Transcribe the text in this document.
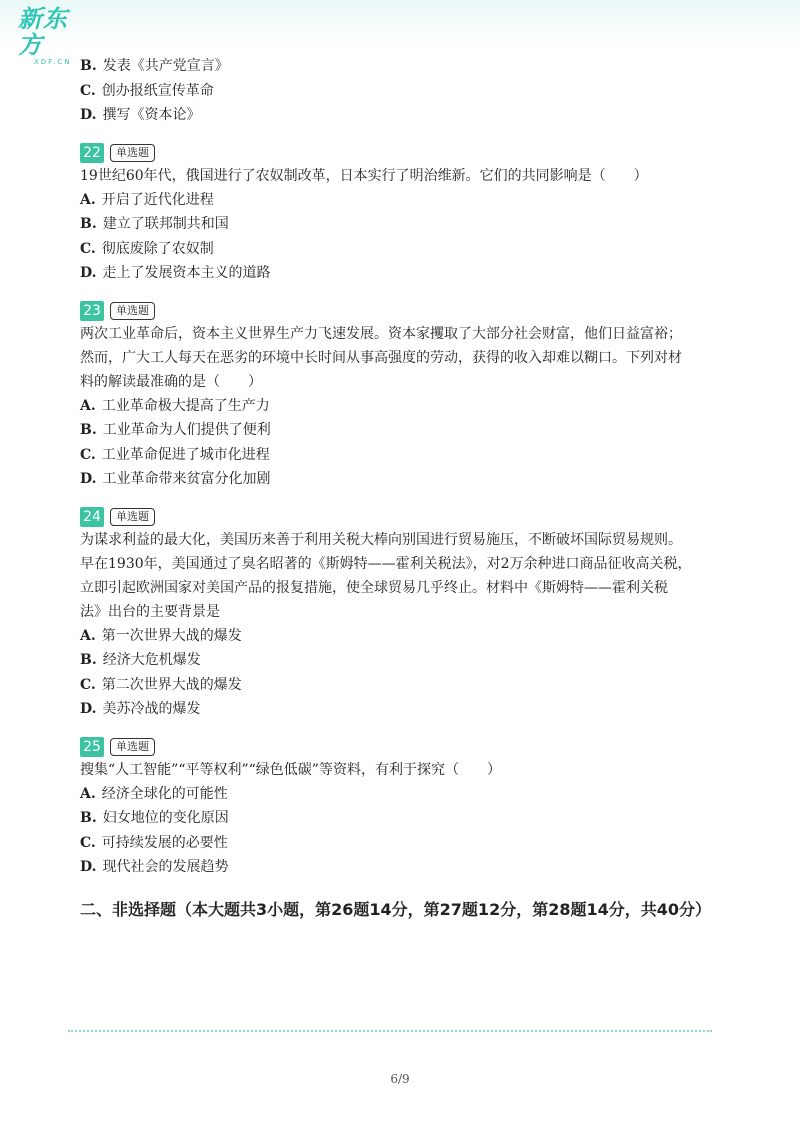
新东方
XDF.CN B. 发表《共产党宣言》
C. 创办报纸宣传革命
D. 撰写《资本论》
22	单选题
19世纪60年代，俄国进行了农奴制改革，日本实行了明治维新。它们的共同影响是（　　）
A. 开启了近代化进程
B. 建立了联邦制共和国
C. 彻底废除了农奴制
D. 走上了发展资本主义的道路
23	单选题
两次工业革命后，资本主义世界生产力飞速发展。资本家攫取了大部分社会财富，他们日益富裕；
然而，广大工人每天在恶劣的环境中长时间从事高强度的劳动，获得的收入却难以糊口。下列对材
料的解读最准确的是（　　）
A. 工业革命极大提高了生产力
B. 工业革命为人们提供了便利
C. 工业革命促进了城市化进程
D. 工业革命带来贫富分化加剧
24	单选题
为谋求利益的最大化，美国历来善于利用关税大棒向别国进行贸易施压，不断破坏国际贸易规则。
早在1930年，美国通过了臭名昭著的《斯姆特——霍利关税法》，对2万余种进口商品征收高关税，
立即引起欧洲国家对美国产品的报复措施，使全球贸易几乎终止。材料中《斯姆特——霍利关税
法》出台的主要背景是
A. 第一次世界大战的爆发
B. 经济大危机爆发
C. 第二次世界大战的爆发
D. 美苏冷战的爆发
25	单选题
搜集“人工智能”“平等权利”“绿色低碳”等资料，有利于探究（　　）
A. 经济全球化的可能性
B. 妇女地位的变化原因
C. 可持续发展的必要性
D. 现代社会的发展趋势
二、非选择题（本大题共3小题，第26题14分，第27题12分，第28题14分，共40分）
6/9
